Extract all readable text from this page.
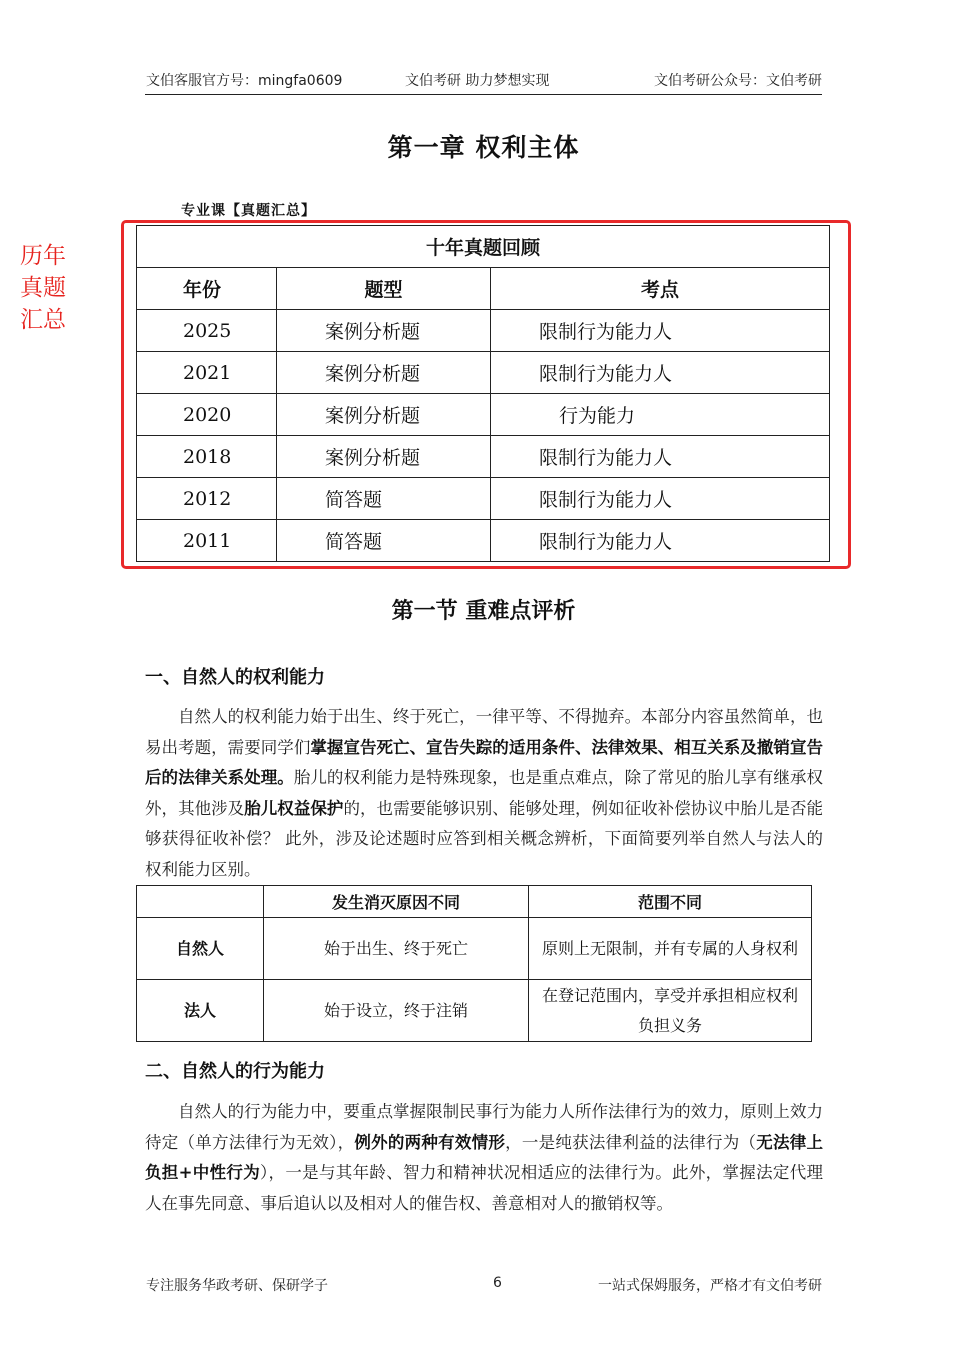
文伯客服官方号：mingfa0609	文伯考研 助力梦想实现	文伯考研公众号：文伯考研
第一章 权利主体
专业课【真题汇总】
历年
真题
汇总
十年真题回顾		
年份	题型	考点
2025	案例分析题	限制行为能力人
2021	案例分析题	限制行为能力人
2020	案例分析题	行为能力
2018	案例分析题	限制行为能力人
2012	简答题	限制行为能力人
2011	简答题	限制行为能力人
第一节 重难点评析
一、自然人的权利能力
自然人的权利能力始于出生、终于死亡，一律平等、不得抛弃。本部分内容虽然简单，也易出考题，需要同学们掌握宣告死亡、宣告失踪的适用条件、法律效果、相互关系及撤销宣告后的法律关系处理。胎儿的权利能力是特殊现象，也是重点难点，除了常见的胎儿享有继承权外，其他涉及胎儿权益保护的，也需要能够识别、能够处理，例如征收补偿协议中胎儿是否能够获得征收补偿？ 此外，涉及论述题时应答到相关概念辨析，下面简要列举自然人与法人的权利能力区别。
	发生消灭原因不同	范围不同
自然人	始于出生、终于死亡	原则上无限制，并有专属的人身权利
法人	始于设立，终于注销	在登记范围内，享受并承担相应权利负担义务
二、自然人的行为能力
自然人的行为能力中，要重点掌握限制民事行为能力人所作法律行为的效力，原则上效力待定（单方法律行为无效），例外的两种有效情形，一是纯获法律利益的法律行为（无法律上负担+中性行为），一是与其年龄、智力和精神状况相适应的法律行为。此外，掌握法定代理人在事先同意、事后追认以及相对人的催告权、善意相对人的撤销权等。
专注服务华政考研、保研学子	6	一站式保姆服务，严格才有文伯考研
